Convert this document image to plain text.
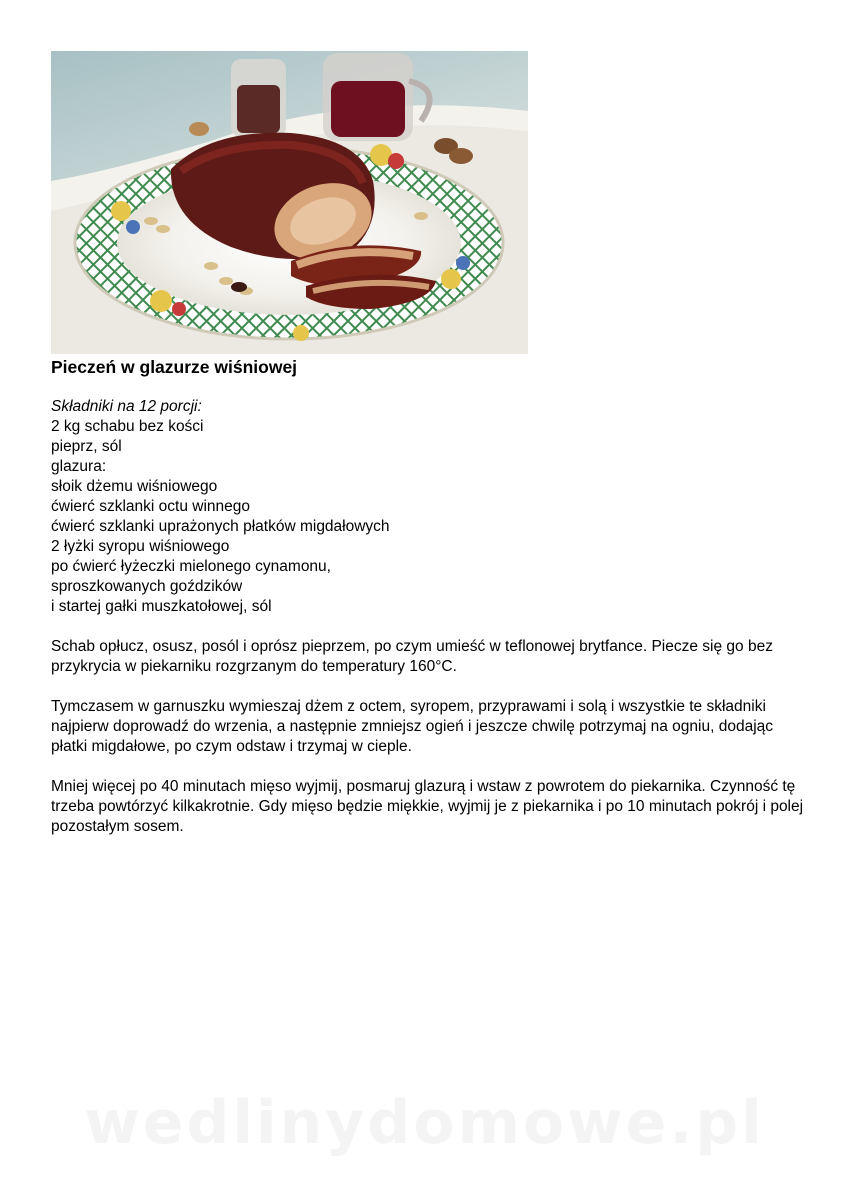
Pieczeń w glazurze wiśniowej
Składniki na 12 porcji:
2 kg schabu bez kości
pieprz, sól
glazura:
słoik dżemu wiśniowego
ćwierć szklanki octu winnego
ćwierć szklanki uprażonych płatków migdałowych
2 łyżki syropu wiśniowego
po ćwierć łyżeczki mielonego cynamonu,
sproszkowanych goździków
i startej gałki muszkatołowej, sól

Schab opłucz, osusz, posól i oprósz pieprzem, po czym umieść w teflonowej brytfance. Piecze się go bez przykrycia w piekarniku rozgrzanym do temperatury 160°C.

Tymczasem w garnuszku wymieszaj dżem z octem, syropem, przyprawami i solą i wszystkie te składniki najpierw doprowadź do wrzenia, a następnie zmniejsz ogień i jeszcze chwilę potrzymaj na ogniu, dodając płatki migdałowe, po czym odstaw i trzymaj w cieple.

Mniej więcej po 40 minutach mięso wyjmij, posmaruj glazurą i wstaw z powrotem do piekarnika. Czynność tę trzeba powtórzyć kilkakrotnie. Gdy mięso będzie miękkie, wyjmij je z piekarnika i po 10 minutach pokrój i polej pozostałym sosem.

wedlinydomowe.pl
